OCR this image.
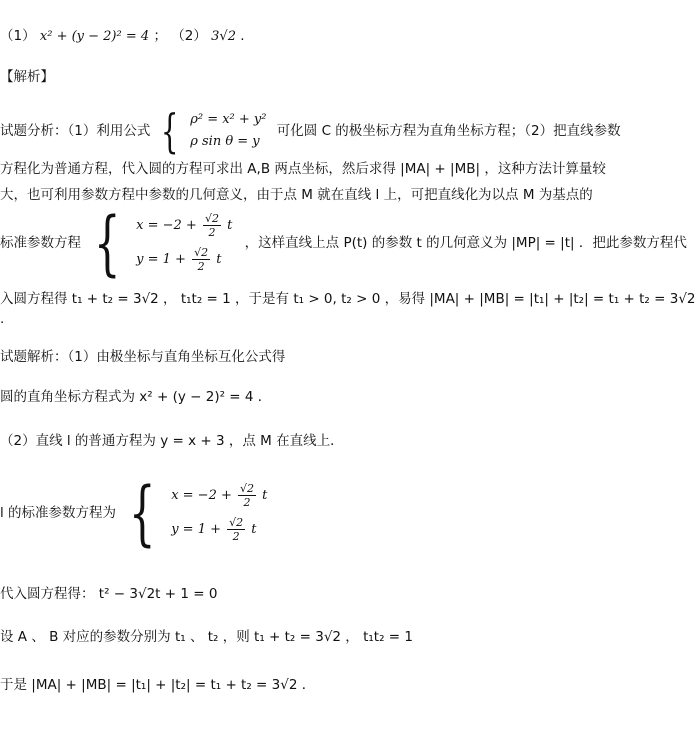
（1） x² + (y − 2)² = 4 ； （2） 3√2 .
【解析】
试题分析：（1）利用公式 { ρ² = x² + y²
ρ sin θ = y
可化圆 C 的极坐标方程为直角坐标方程；（2）把直线参数
方程化为普通方程，代入圆的方程可求出 A,B 两点坐标，然后求得 |MA| + |MB| ，这种方法计算量较
大，也可利用参数方程中参数的几何意义，由于点 M 就在直线 l 上，可把直线化为以点 M 为基点的
标准参数方程 { $x = -2 + \frac{√2}{2}$ t
$y = 1 + \frac{√2}{2}$ t
，这样直线上点 P(t) 的参数 t 的几何意义为 |MP| = |t| ．把此参数方程代
入圆方程得 t₁ + t₂ = 3√2 ， t₁t₂ = 1 ，于是有 t₁ > 0, t₂ > 0 ，易得 |MA| + |MB| = |t₁| + |t₂| = t₁ + t₂ = 3√2
.
试题解析：（1）由极坐标与直角坐标互化公式得
圆的直角坐标方程式为 x² + (y − 2)² = 4 ．
（2）直线 l 的普通方程为 y = x + 3 ，点 M 在直线上．
l 的标准参数方程为 { $x = -2 + \frac{√2}{2}$ t
$y = 1 + \frac{√2}{2}$ t
代入圆方程得： t² − 3√2t + 1 = 0
设 A 、 B 对应的参数分别为 t₁ 、 t₂ ，则 t₁ + t₂ = 3√2 ， t₁t₂ = 1
于是 |MA| + |MB| = |t₁| + |t₂| = t₁ + t₂ = 3√2 ．
